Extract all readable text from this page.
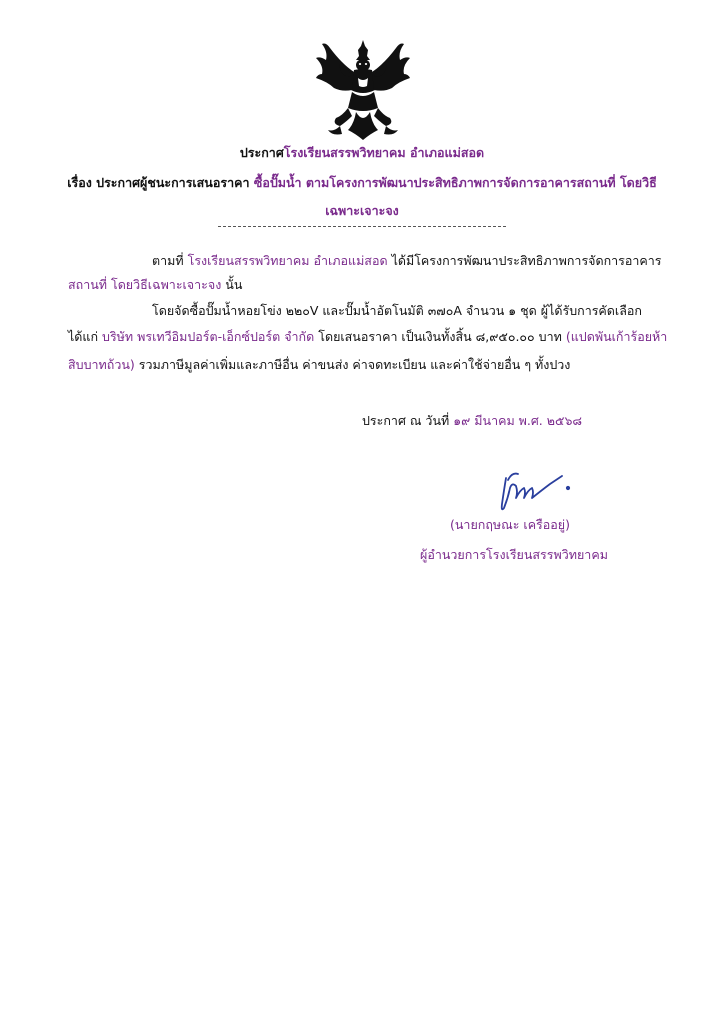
ประกาศโรงเรียนสรรพวิทยาคม อำเภอแม่สอด
เรื่อง ประกาศผู้ชนะการเสนอราคา ซื้อปั๊มน้ำ ตามโครงการพัฒนาประสิทธิภาพการจัดการอาคารสถานที่ โดยวิธี
เฉพาะเจาะจง
ตามที่ โรงเรียนสรรพวิทยาคม อำเภอแม่สอด ได้มีโครงการพัฒนาประสิทธิภาพการจัดการอาคาร
สถานที่ โดยวิธีเฉพาะเจาะจง นั้น
โดยจัดซื้อปั๊มน้ำหอยโข่ง ๒๒๐V และปั๊มน้ำอัตโนมัติ ๓๗๐A จำนวน ๑ ชุด ผู้ได้รับการคัดเลือก
ได้แก่ บริษัท พรเทวีอิมปอร์ต-เอ็กซ์ปอร์ต จำกัด โดยเสนอราคา เป็นเงินทั้งสิ้น ๘,๙๕๐.๐๐ บาท (แปดพันเก้าร้อยห้า
สิบบาทถ้วน) รวมภาษีมูลค่าเพิ่มและภาษีอื่น ค่าขนส่ง ค่าจดทะเบียน และค่าใช้จ่ายอื่น ๆ ทั้งปวง
ประกาศ ณ วันที่ ๑๙ มีนาคม พ.ศ. ๒๕๖๘
(นายกฤษณะ เครืออยู่)
ผู้อำนวยการโรงเรียนสรรพวิทยาคม
